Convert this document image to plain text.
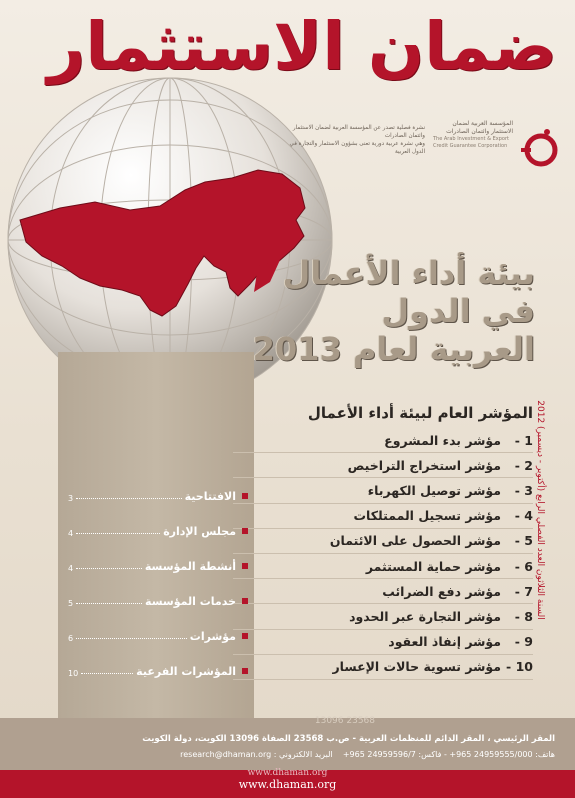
ضمان الاستثمار
المؤسسة العربية لضمان
الاستثمار وائتمان الصادرات
The Arab Investment & Export
Credit Guarantee Corporation
نشرة فصلية تصدر عن المؤسسة العربية لضمان الاستثمار وائتمان الصادرات
وهي نشرة عربية دورية تعنى بشؤون الاستثمار والتجارة في الدول العربية
بيئة أداء الأعمال
في الدول
العربية لعام 2013
السنة الثلاثون العدد الفصلي الرابع (أكتوبر - ديسمبر) 2012
المؤشر العام لبيئة أداء الأعمال
1 -
مؤشر بدء المشروع
2 -
مؤشر استخراج التراخيص
3 -
مؤشر توصيل الكهرباء
4 -
مؤشر تسجيل الممتلكات
5 -
مؤشر الحصول على الائتمان
6 -
مؤشر حماية المستثمر
7 -
مؤشر دفع الضرائب
8 -
مؤشر التجارة عبر الحدود
9 -
مؤشر إنفاذ العقود
10 -
مؤشر تسوية حالات الإعسار
الافتتاحية
3
مجلس الإدارة
4
أنشطة المؤسسة
4
خدمات المؤسسة
5
مؤشرات
6
المؤشرات الفرعية
10
13096 23568
المقر الرئيسي ، المقر الدائم للمنظمات العربية - ص.ب 23568 الصفاة 13096 الكويت، دولة الكويت
هاتف: 24959555/000 965+ - فاكس: 24959596/7 965+    البريد الالكتروني : research@dhaman.org
www.dhaman.org
www.dhaman.org
